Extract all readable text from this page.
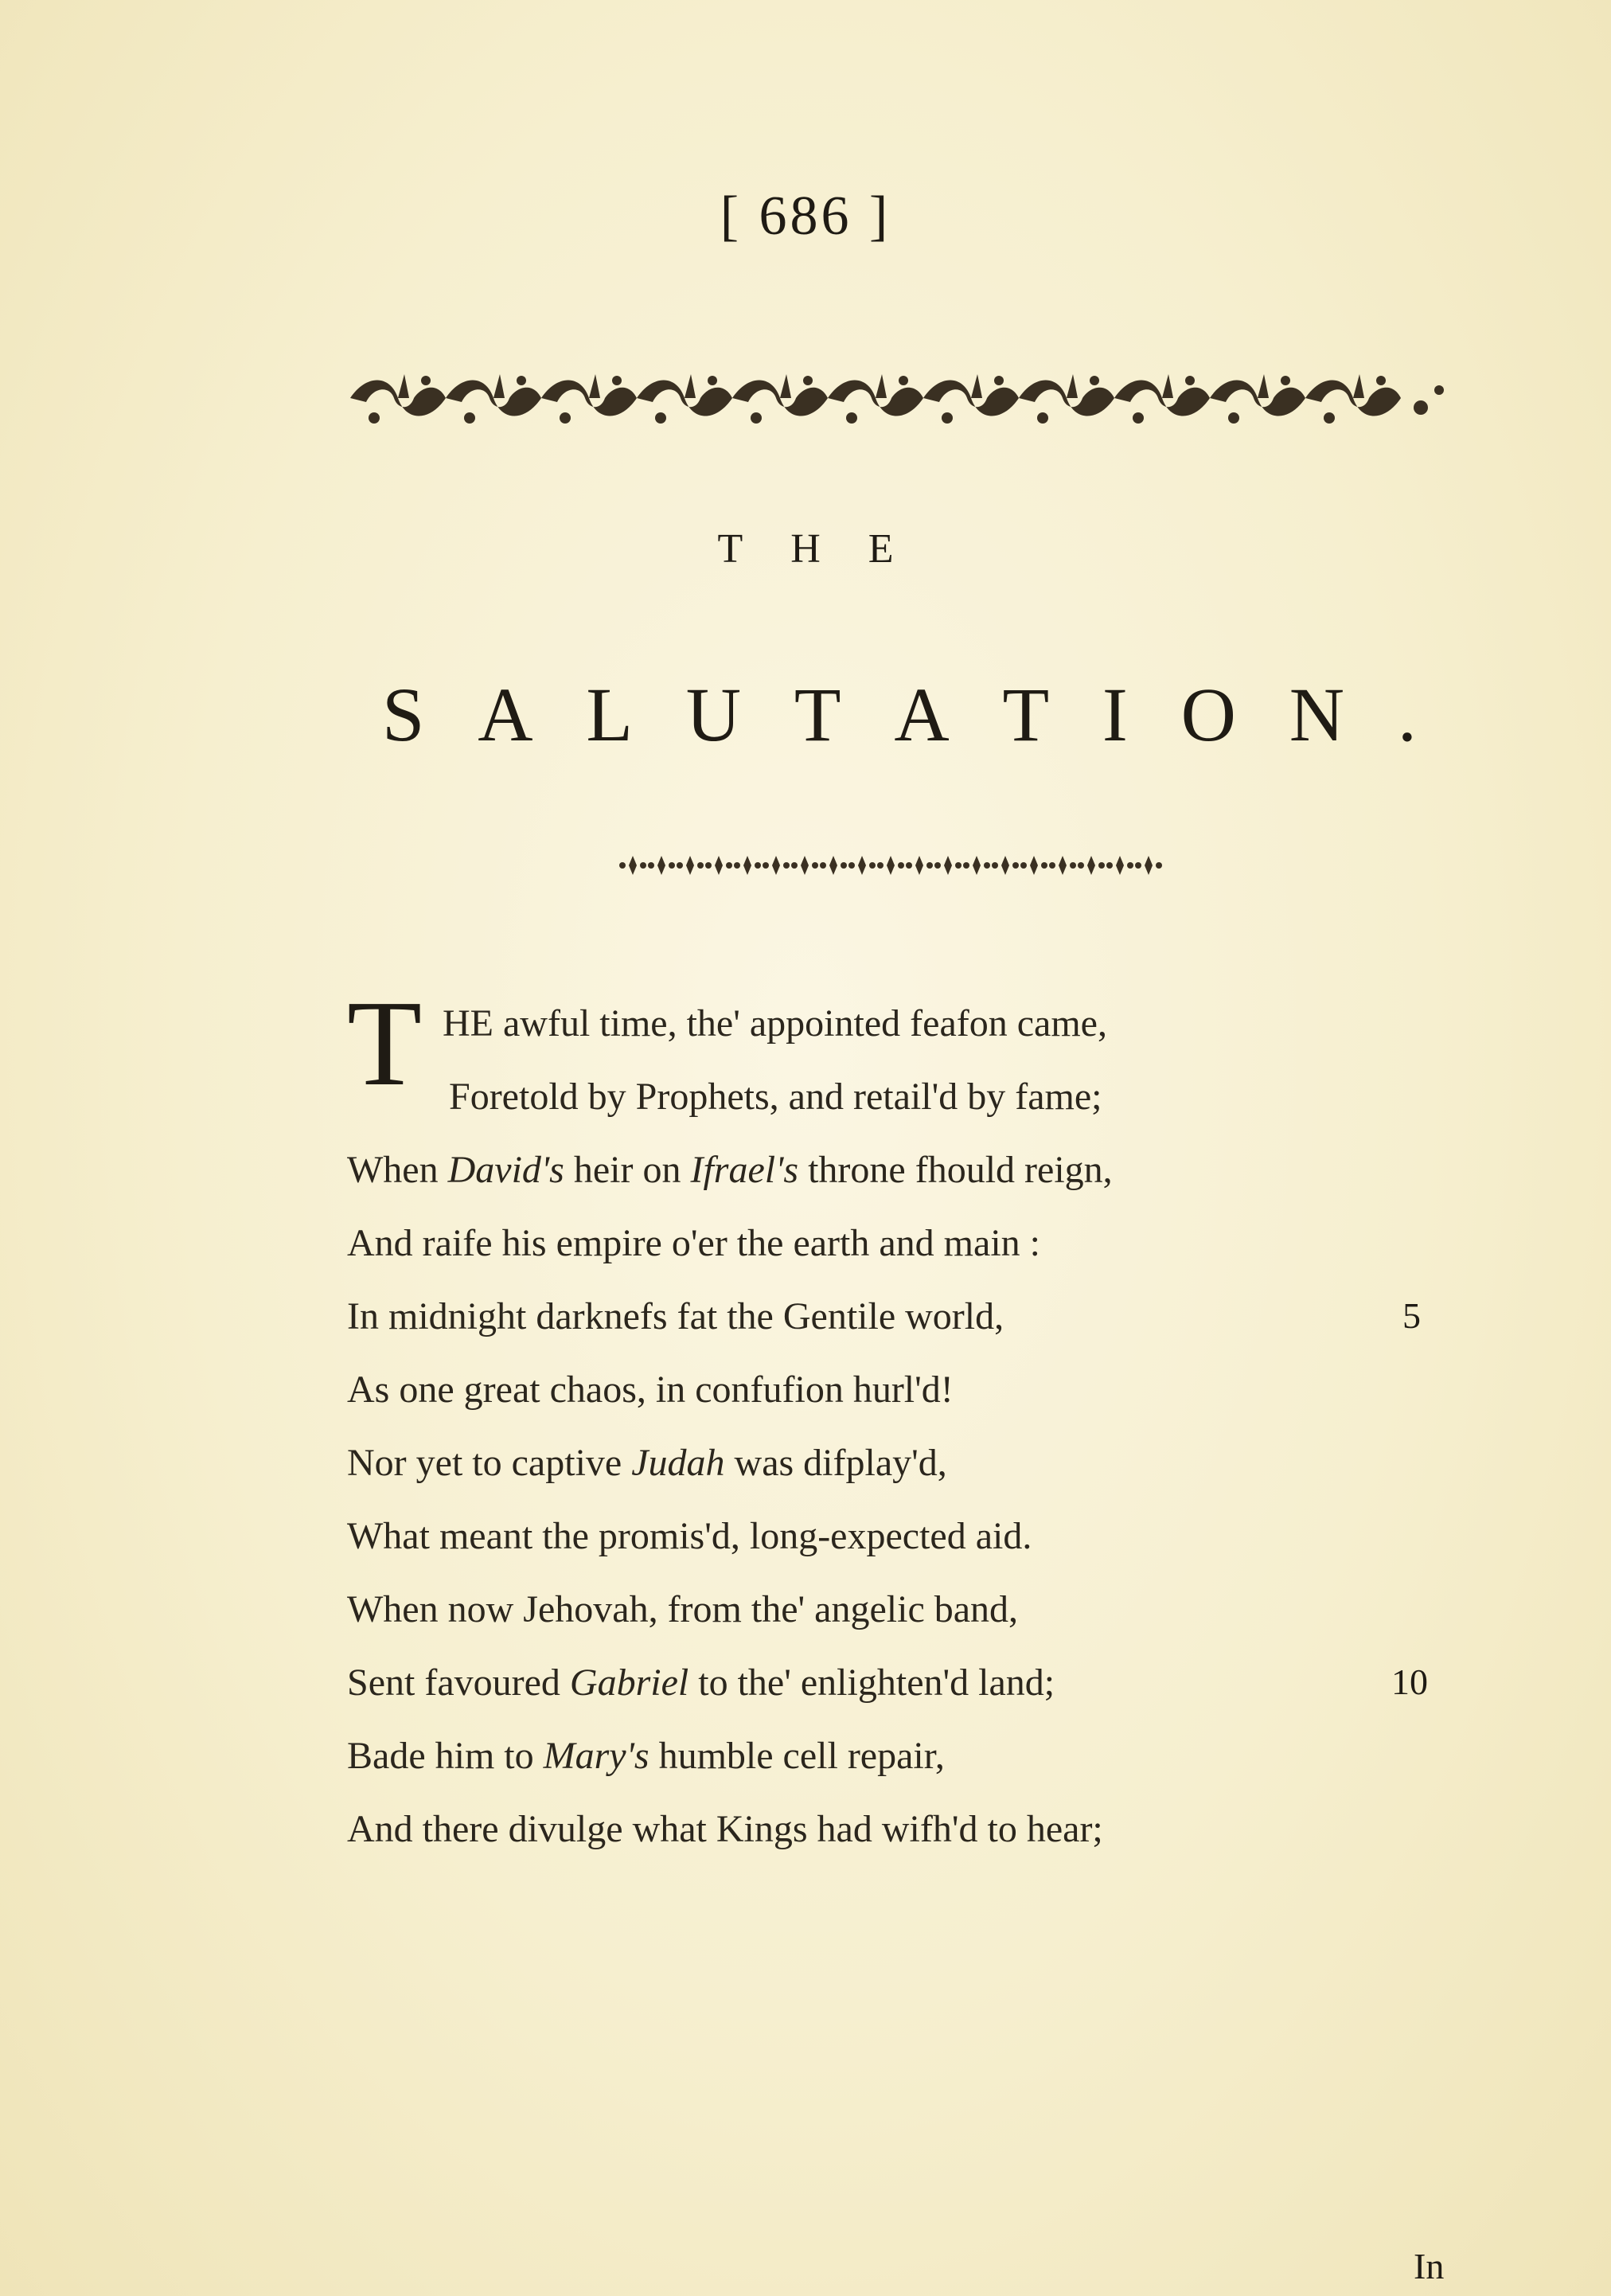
[ 686 ]
THE
S A L U T A T I O N .
T HE awful time, the' appointed feafon came,
Foretold by Prophets, and retail'd by fame;
When David's heir on Ifrael's throne fhould reign,
And raife his empire o'er the earth and main :
In midnight darknefs fat the Gentile world,
As one great chaos, in confufion hurl'd!
Nor yet to captive Judah was difplay'd,
What meant the promis'd, long-expected aid.
When now Jehovah, from the' angelic band,
Sent favoured Gabriel to the' enlighten'd land;
Bade him to Mary's humble cell repair,
And there divulge what Kings had wifh'd to hear;
5
10
In
